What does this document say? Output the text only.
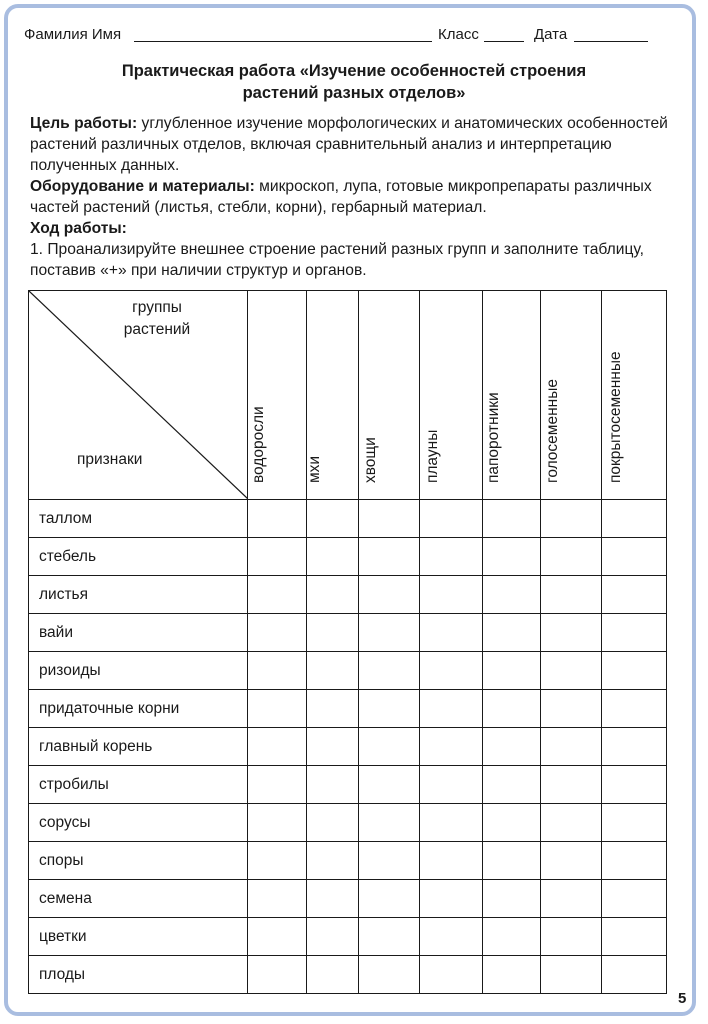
Фамилия Имя	Класс	Дата
Практическая работа «Изучение особенностей строения
растений разных отделов»

Цель работы: углубленное изучение морфологических и анатомических особенностей растений различных отделов, включая сравнительный анализ и интерпретацию полученных данных.

Оборудование и материалы: микроскоп, лупа, готовые микропрепараты различных частей растений (листья, стебли, корни), гербарный материал.

Ход работы:

1. Проанализируйте внешнее строение растений разных групп и заполните таблицу, поставив «+» при наличии структур и органов.

группы растений
признаки	водоросли	мхи	хвощи	плауны	папоротники	голосеменные	покрытосеменные

таллом							
стебель							
листья							
вайи							
ризоиды							
придаточные корни							
главный корень							
стробилы							
сорусы							
споры							
семена							
цветки							
плоды							
5
